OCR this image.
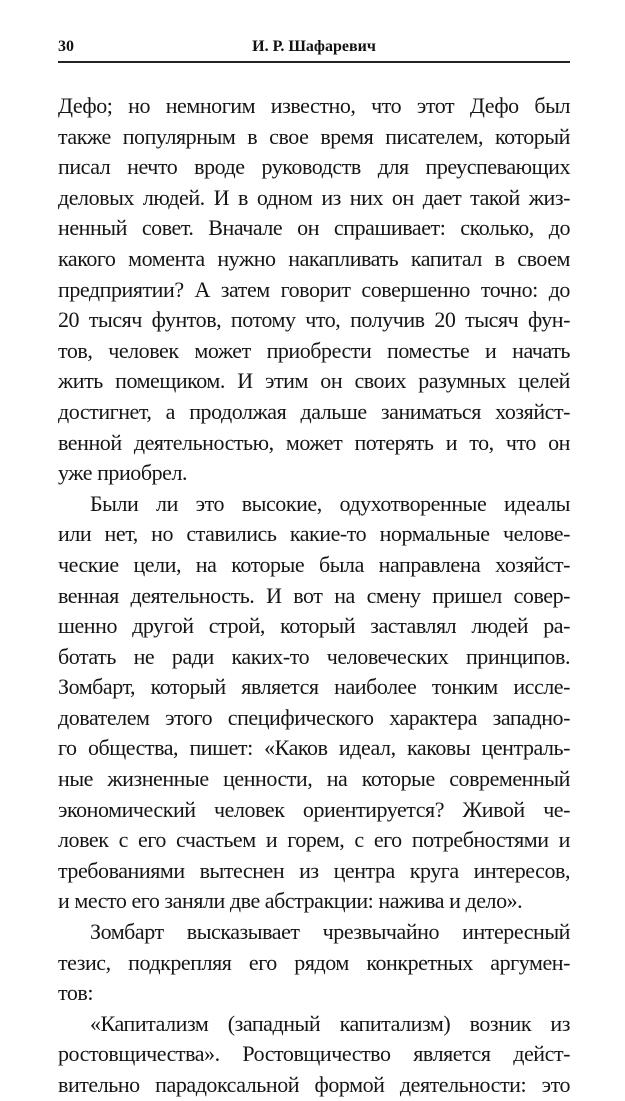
30	И. Р. Шафаревич
Дефо; но немногим известно, что этот Дефо был
также популярным в свое время писателем, который
писал нечто вроде руководств для преуспевающих
деловых людей. И в одном из них он дает такой жиз-
ненный совет. Вначале он спрашивает: сколько, до
какого момента нужно накапливать капитал в своем
предприятии? А затем говорит совершенно точно: до
20 тысяч фунтов, потому что, получив 20 тысяч фун-
тов, человек может приобрести поместье и начать
жить помещиком. И этим он своих разумных целей
достигнет, а продолжая дальше заниматься хозяйст-
венной деятельностью, может потерять и то, что он
уже приобрел.
Были ли это высокие, одухотворенные идеалы
или нет, но ставились какие-то нормальные челове-
ческие цели, на которые была направлена хозяйст-
венная деятельность. И вот на смену пришел совер-
шенно другой строй, который заставлял людей ра-
ботать не ради каких-то человеческих принципов.
Зомбарт, который является наиболее тонким иссле-
дователем этого специфического характера западно-
го общества, пишет: «Каков идеал, каковы централь-
ные жизненные ценности, на которые современный
экономический человек ориентируется? Живой че-
ловек с его счастьем и горем, с его потребностями и
требованиями вытеснен из центра круга интересов,
и место его заняли две абстракции: нажива и дело».
Зомбарт высказывает чрезвычайно интересный
тезис, подкрепляя его рядом конкретных аргумен-
тов:
«Капитализм (западный капитализм) возник из
ростовщичества». Ростовщичество является дейст-
вительно парадоксальной формой деятельности: это
